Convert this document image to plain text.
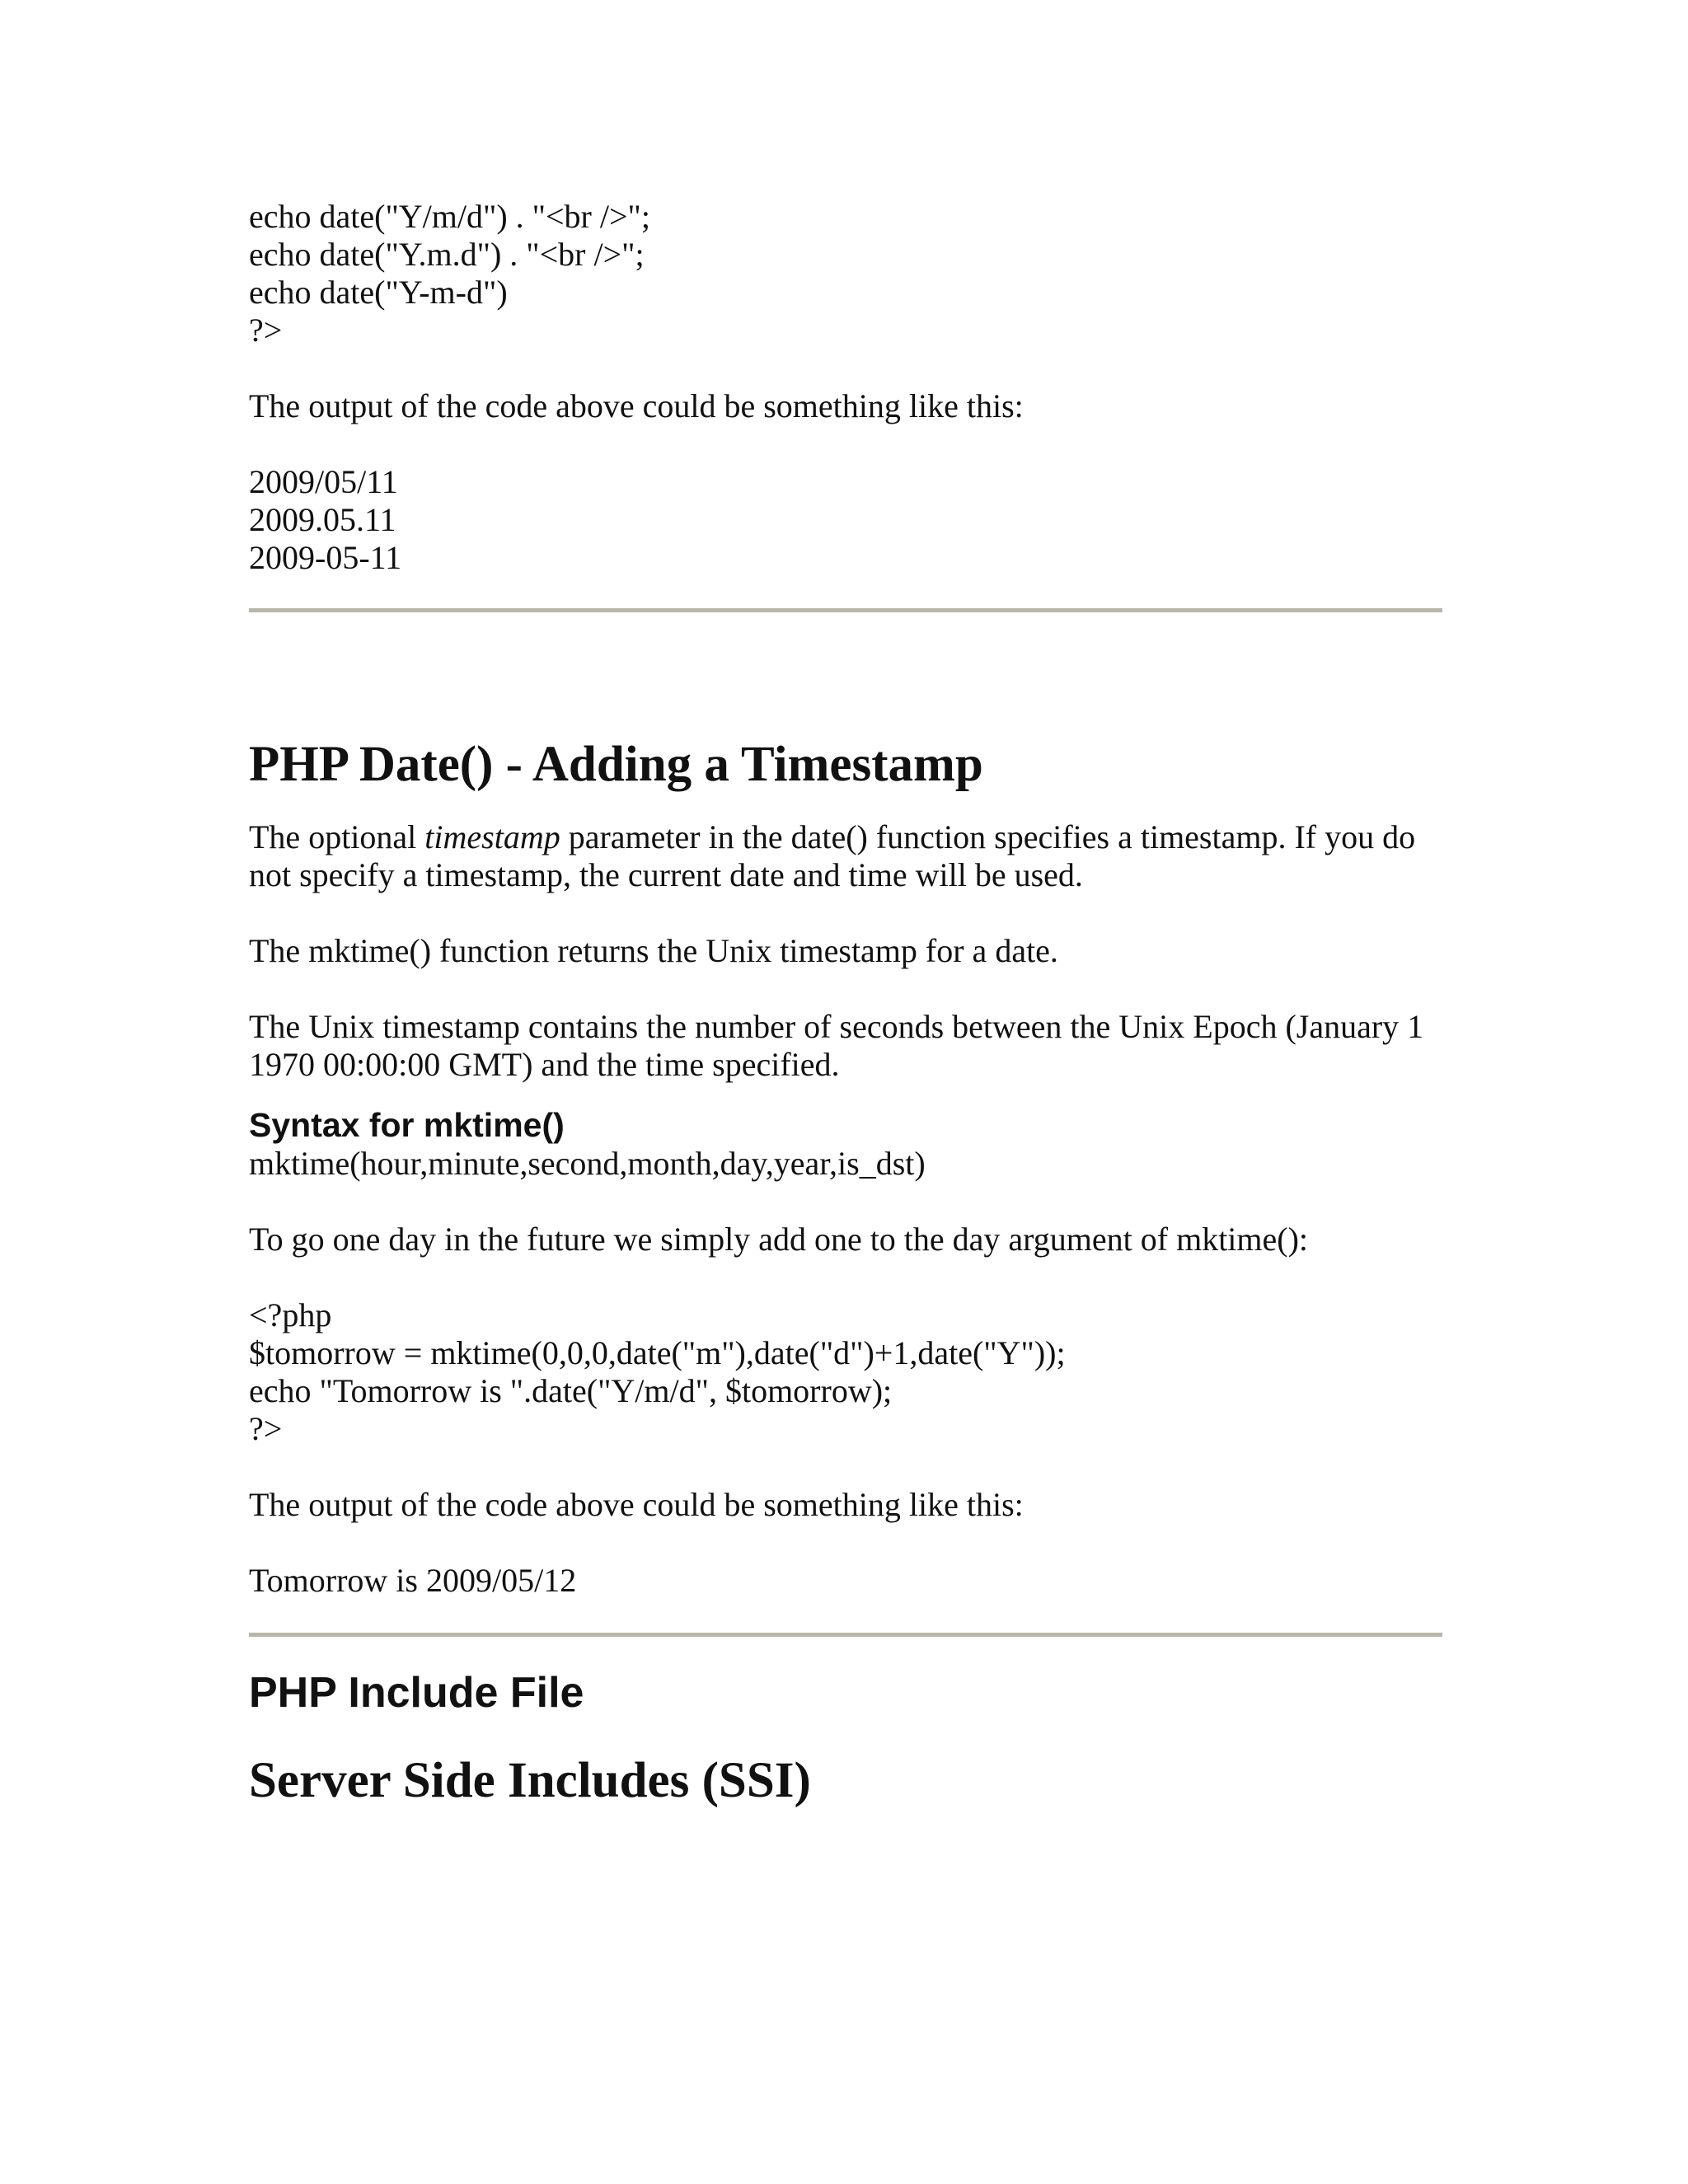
echo date("Y/m/d") . "<br />";
echo date("Y.m.d") . "<br />";
echo date("Y-m-d")
?>

The output of the code above could be something like this:

2009/05/11
2009.05.11
2009-05-11
PHP Date() - Adding a Timestamp

The optional timestamp parameter in the date() function specifies a timestamp. If you do not specify a timestamp, the current date and time will be used.

The mktime() function returns the Unix timestamp for a date.

The Unix timestamp contains the number of seconds between the Unix Epoch (January 1 1970 00:00:00 GMT) and the time specified.

Syntax for mktime()

mktime(hour,minute,second,month,day,year,is_dst)

To go one day in the future we simply add one to the day argument of mktime():

<?php
$tomorrow = mktime(0,0,0,date("m"),date("d")+1,date("Y"));
echo "Tomorrow is ".date("Y/m/d", $tomorrow);
?>

The output of the code above could be something like this:

Tomorrow is 2009/05/12

PHP Include File
Server Side Includes (SSI)
